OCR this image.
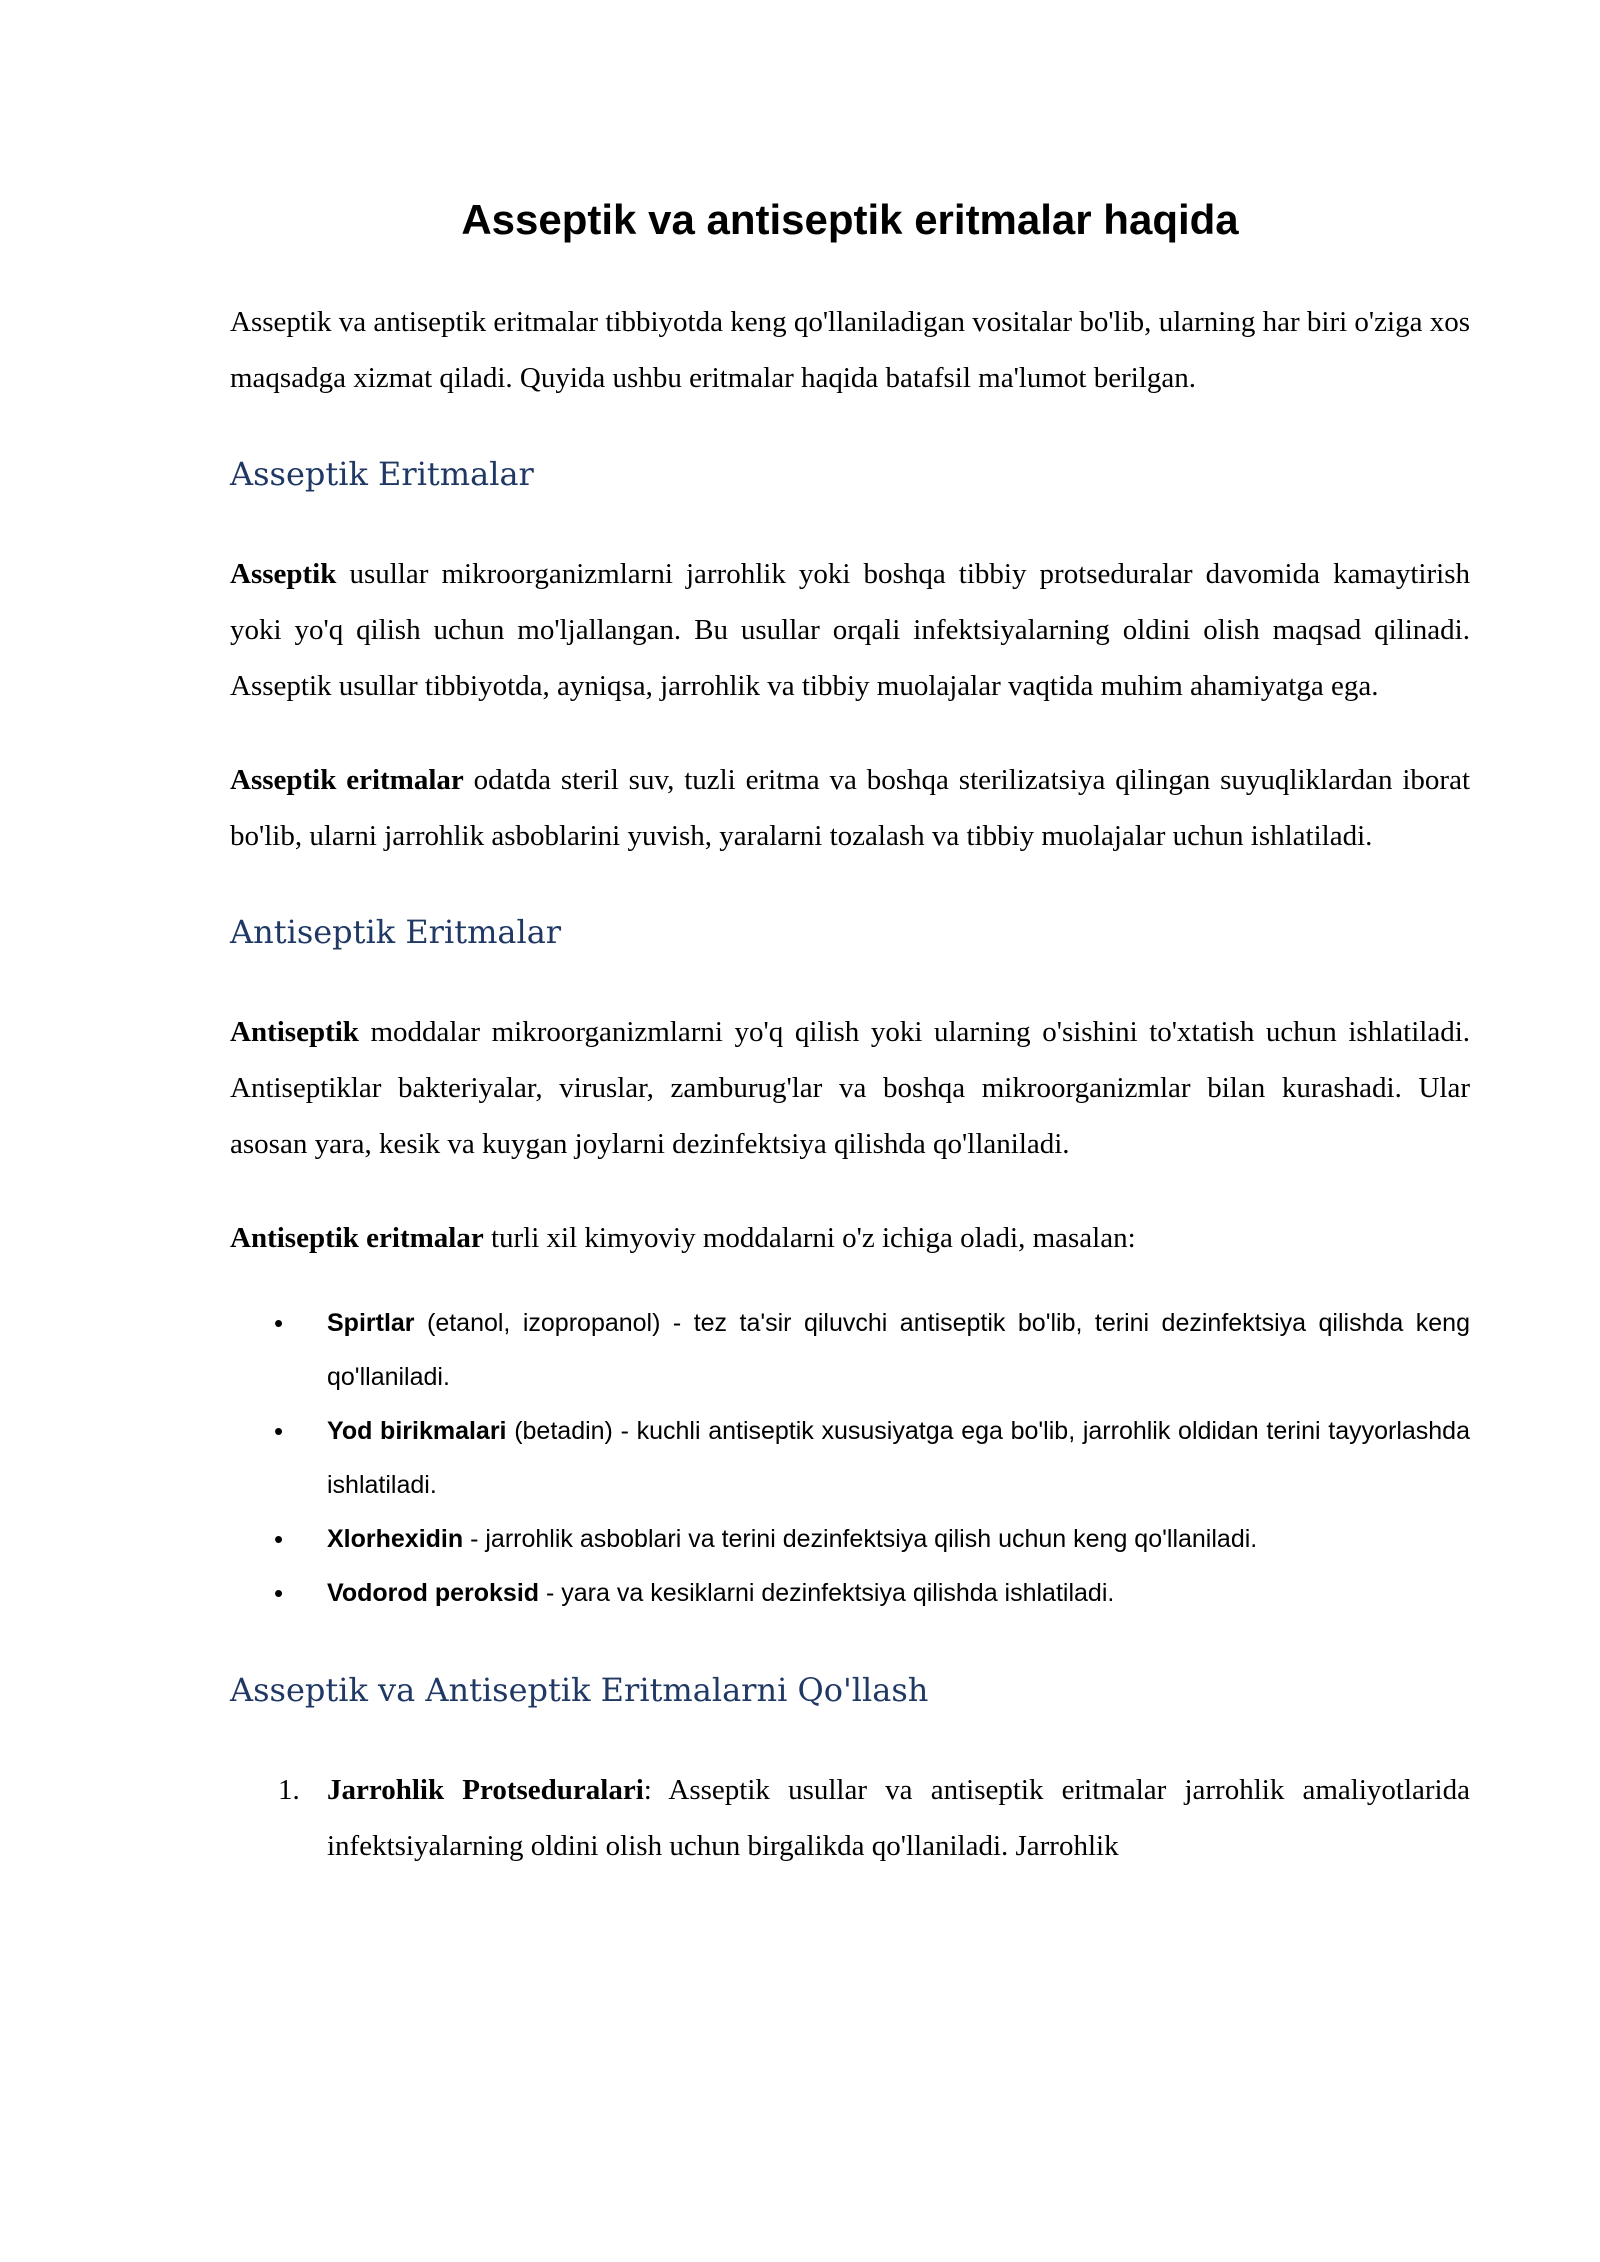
Asseptik va antiseptik eritmalar haqida

Asseptik va antiseptik eritmalar tibbiyotda keng qo'llaniladigan vositalar bo'lib, ularning har biri o'ziga xos maqsadga xizmat qiladi. Quyida ushbu eritmalar haqida batafsil ma'lumot berilgan.

Asseptik Eritmalar

Asseptik usullar mikroorganizmlarni jarrohlik yoki boshqa tibbiy protseduralar davomida kamaytirish yoki yo'q qilish uchun mo'ljallangan. Bu usullar orqali infektsiyalarning oldini olish maqsad qilinadi. Asseptik usullar tibbiyotda, ayniqsa, jarrohlik va tibbiy muolajalar vaqtida muhim ahamiyatga ega.

Asseptik eritmalar odatda steril suv, tuzli eritma va boshqa sterilizatsiya qilingan suyuqliklardan iborat bo'lib, ularni jarrohlik asboblarini yuvish, yaralarni tozalash va tibbiy muolajalar uchun ishlatiladi.

Antiseptik Eritmalar

Antiseptik moddalar mikroorganizmlarni yo'q qilish yoki ularning o'sishini to'xtatish uchun ishlatiladi. Antiseptiklar bakteriyalar, viruslar, zamburug'lar va boshqa mikroorganizmlar bilan kurashadi. Ular asosan yara, kesik va kuygan joylarni dezinfektsiya qilishda qo'llaniladi.

Antiseptik eritmalar turli xil kimyoviy moddalarni o'z ichiga oladi, masalan:

• Spirtlar (etanol, izopropanol) - tez ta'sir qiluvchi antiseptik bo'lib, terini dezinfektsiya qilishda keng qo'llaniladi.
• Yod birikmalari (betadin) - kuchli antiseptik xususiyatga ega bo'lib, jarrohlik oldidan terini tayyorlashda ishlatiladi.
• Xlorhexidin - jarrohlik asboblari va terini dezinfektsiya qilish uchun keng qo'llaniladi.
• Vodorod peroksid - yara va kesiklarni dezinfektsiya qilishda ishlatiladi.
Asseptik va Antiseptik Eritmalarni Qo'llash
1. Jarrohlik Protseduralari: Asseptik usullar va antiseptik eritmalar jarrohlik amaliyotlarida infektsiyalarning oldini olish uchun birgalikda qo'llaniladi. Jarrohlik
